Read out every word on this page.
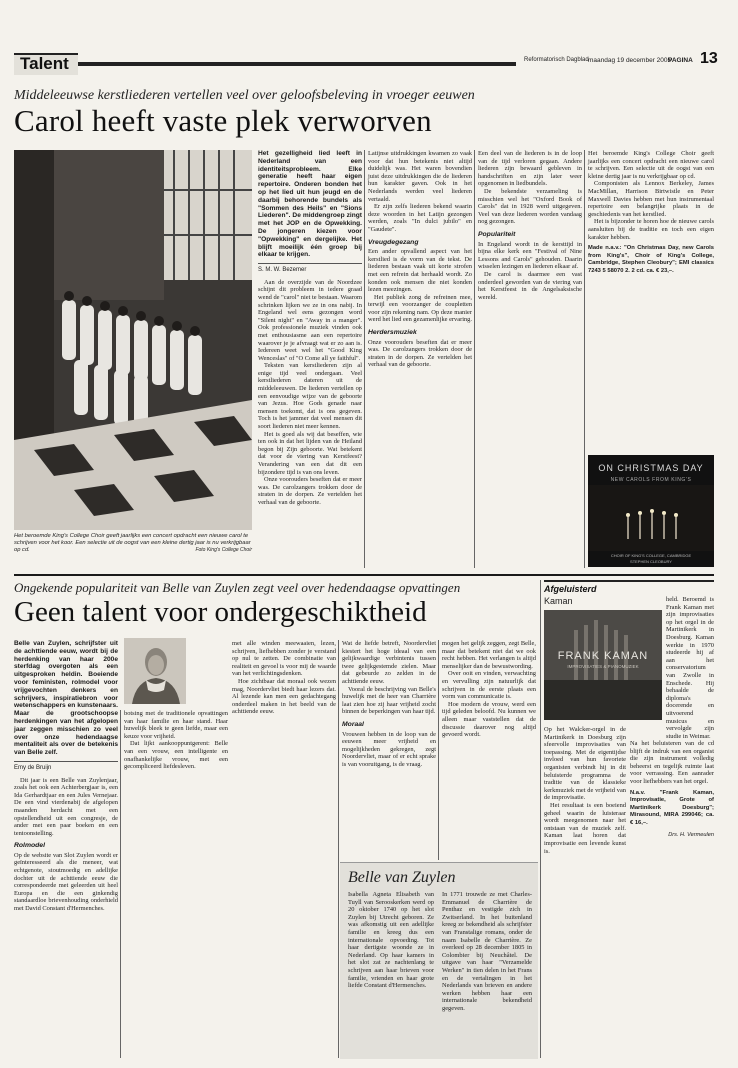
Talent	Reformatorisch Dagblad maandag 19 december 2005
PAGINA 13
Middeleeuwse kerstliederen vertellen veel over geloofsbeleving in vroeger eeuwen
Carol heeft vaste plek verworven
Het beroemde King's College Choir geeft jaarlijks een concert opdracht een nieuwe carol te schrijven voor het koor. Een selectie uit de oogst van een kleine dertig jaar is nu verkrijgbaar op cd.	Foto King's College Choir

Het gezelligheid lied leeft in Nederland van een identiteitsprobleem. Elke generatie heeft haar eigen repertoire. Onderen bonden het op het lied uit hun jeugd en de daarbij behorende bundels als "Sommen des Heils" en "Sions Liederen". De middengroep zingt met het JOP en de Opwekking. De jongeren kiezen voor "Opwekking" en dergelijke. Het blijft moeilijk één groep bij elkaar te krijgen.

S. M. W. Bezemer

Aan de overzijde van de Noordzee schijnt dit probleem in iedere graad wend de "carol" niet te bestaan. Waarom schrinken lijken we ze in ons nabij. In Engeland wel eens gezongen word "Silent night" en "Away in a manger". Ook professionele muziek vinden ook met enthousiasme aan een repertoire waarover je je afvraagt wat er zo aan is. Iedereen weet wel het "Good King Wenceslas" of "O Come all ye faithful".

Teksten van kerstliederen zijn al enige tijd veel ondergaan. Veel kerstliederen dateren uit de middeleeuwen. De liederen vertellen op een eenvoudige wijze van de geboorte van Jezus. Hoe Gods genade naar mensen toekomt, dat is ons gegeven. Toch is het jammer dat veel mensen dit soort liederen niet meer kennen.

Het is goed als wij dat beseffen, wie ten ook in dat het lijden van de Heiland begon bij Zijn geboorte. Wat betekent dat voor de viering van Kerstfeest? Verandering van een dat dit een bijzondere tijd is van ons leven.

Onze voorouders beseften dat er meer was. De carolzangers trokken door de straten in de dorpen. Ze vertelden het verhaal van de geboorte.

Latijnse uitdrukkingen kwamen zo vaak voor dat hun betekenis niet altijd duidelijk was. Het waren bovendien juist deze uitdrukkingen die de liederen hun karakter gaven. Ook in het Nederlands werden veel liederen vertaald.

Er zijn zelfs liederen bekend waarin deze woorden in het Latijn gezongen werden, zoals "In dulci jubilo" en "Gaudete".

Vreugdegezang

Een ander opvallend aspect van het kerstlied is de vorm van de tekst. De liederen bestaan vaak uit korte strofen met een refrein dat herhaald wordt. Zo konden ook mensen die niet konden lezen meezingen.

Het publiek zong de refreinen mee, terwijl een voorzanger de coupletten voor zijn rekening nam. Op deze manier werd het lied een gezamenlijke ervaring.

Herdersmuziek

Onze voorouders beseften dat er meer was. De carolzangers trokken door de straten in de dorpen. Ze vertelden het verhaal van de geboorte.

Een deel van de liederen is in de loop van de tijd verloren gegaan. Andere liederen zijn bewaard gebleven in handschriften en zijn later weer opgenomen in liedbundels.

De bekendste verzameling is misschien wel het "Oxford Book of Carols" dat in 1928 werd uitgegeven. Veel van deze liederen worden vandaag nog gezongen.

Populariteit

In Engeland wordt in de kersttijd in bijna elke kerk een "Festival of Nine Lessons and Carols" gehouden. Daarin wisselen lezingen en liederen elkaar af.

De carol is daarmee een vast onderdeel geworden van de viering van het Kerstfeest in de Angelsaksische wereld.

Het beroemde King's College Choir geeft jaarlijks een concert opdracht een nieuwe carol te schrijven. Een selectie uit de oogst van een kleine dertig jaar is nu verkrijgbaar op cd.

Componisten als Lennox Berkeley, James MacMillan, Harrison Birtwistle en Peter Maxwell Davies hebben met hun instrumentaal repertoire een belangrijke plaats in de geschiedenis van het kerstlied.

Het is bijzonder te horen hoe de nieuwe carols aansluiten bij de traditie en toch een eigen karakter hebben.

Made n.a.v.: "On Christmas Day, new Carols from King's", Choir of King's College, Cambridge, Stephen Cleobury"; EMI classics 7243 5 58070 2. 2 cd. ca. € 23,–.

ON CHRISTMAS DAY
NEW CAROLS FROM KING'S
CHOIR OF KING'S COLLEGE, CAMBRIDGE
STEPHEN CLEOBURY
Ongekende populariteit van Belle van Zuylen zegt veel over hedendaagse opvattingen
Geen talent voor ondergeschiktheid

Belle van Zuylen, schrijfster uit de achttiende eeuw, wordt bij de herdenking van haar 200e sterfdag overgoten als een uitgesproken heldin. Boeiende voor feministen, rolmodel voor vrijgevochten denkers en schrijvers, inspiratiebron voor wetenschappers en kunstenaars. Maar de grootschoopse herdenkingen van het afgelopen jaar zeggen misschien zo veel over onze hedendaagse mentaliteit als over de betekenis van Belle zelf.

Emy de Bruijn

Dit jaar is een Belle van Zuylenjaar, zoals het ook een Achterbergjaar is, een Ida Gerhardtjaar en een Jules Vernejaar. De een vind vierdenabij de afgelopen maanden herdacht met een opstellendheid uit een congresje, de ander met een paar boeken en een tentoonstelling.

Rolmodel

Op de website van Slot Zuylen wordt er geïnteresseerd als die meneer, wat echtgenote, stoutmoedig en adellijke dochter uit de achttiende eeuw die correspondeerde met geleerden uit heel Europa en die een ginkendig standaardloe brievenhouding onderhield met David Constant d'Hermenches.

botsing met de traditionele opvattingen van haar familie en haar stand. Haar huwelijk bleek te geen liefde, maar een keuze voor vrijheid.

Dat lijkt aankooppuntgerent: Belle van een vrouw, een intelligente en onafhankelijke vrouw, met een gecompliceerd liefdesleven.

met alle winden meewaaien, lezen, schrijven, liefhebben zonder je verstand op nul te zetten. De combinatie van realiteit en gevoel is voor mij de waarde van het verlichtingsdenken.

Hoe zichtbaar dat moraal ook wezen mag, Noordervliet biedt haar lezers dat. Al lezende kan men een gedachtegang onderdeel maken in het beeld van de achttiende eeuw.

Wat de liefde betreft, Noordervliet kiestert het hoge ideaal van een gelijkwaardige verbintenis tussen twee gelijkgestemde zielen. Maar dat gebeurde zo zelden in de achttiende eeuw.

Vooral de beschrijving van Belle's huwelijk met de heer van Charrière laat zien hoe zij haar vrijheid zocht binnen de beperkingen van haar tijd.

Moraal

Vrouwen hebben in de loop van de eeuwen meer vrijheid en mogelijkheden gekregen, zegt Noordervliet, maar of er echt sprake is van vooruitgang, is de vraag.

mogen het gelijk zeggen, zegt Belle, maar dat betekent niet dat we ook recht hebben. Het verlangen is altijd menselijker dan de bewustwording.

Over ooit en vinden, verwachting en vervulling zijn natuurlijk dat schrijven in de eerste plaats een vorm van communicatie is.

Hoe modern de vrouw, werd een tijd geleden beloofd. Nu kunnen we alleen maar vaststellen dat de discussie daarover nog altijd gevoerd wordt.

Belle van Zuylen

Isabella Agneta Elisabeth van Tuyll van Serooskerken werd op 20 oktober 1740 op het slot Zuylen bij Utrecht geboren. Ze was afkomstig uit een adellijke familie en kreeg dus een internationale opvoeding. Tot haar dertigste woonde ze in Nederland. Op haar kamers in het slot zat ze nachtenlang te schrijven aan haar brieven voor familie, vrienden en haar grote liefde Constant d'Hermenches.

In 1771 trouwde ze met Charles-Emmanuel de Charrière de Penthaz en vestigde zich in Zwitserland. In het buitenland kreeg ze bekendheid als schrijfster van Franstalige romans, onder de naam Isabelle de Charrière. Ze overleed op 28 december 1805 in Colombier bij Neuchâtel. De uitgave van haar "Verzamelde Werken" in tien delen in het Frans en de vertalingen in het Nederlands van brieven en andere werken hebben haar een internationale bekendheid gegeven.

Afgeluisterd
Kaman
FRANK KAMAN
IMPROVISATIES & PIANOMUZIEK

held. Beroemd is Frank Kaman met zijn improvisaties op het orgel in de Martinikerk in Doesburg. Kaman werkte in 1970 studeerde hij af aan het conservatorium van Zwolle in Enschede. Hij behaalde de diploma's docerende en uitvoerend musicus en vervolgde zijn studie in Weimar.

Op het Walcker-orgel in de Martinikerk in Doesburg zijn sfeervolle improvisaties van toepassing. Met de eigentijdse invloed van hun favoriete organisten verbindt hij in dit beluisterde programma de traditie van de klassieke kerkmuziek met de vrijheid van de improvisatie.

Het resultaat is een boeiend geheel waarin de luisteraar wordt meegenomen naar het ontstaan van de muziek zelf. Kaman laat horen dat improvisatie een levende kunst is.

Na het beluisteren van de cd blijft de indruk van een organist die zijn instrument volledig beheerst en tegelijk ruimte laat voor verrassing. Een aanrader voor liefhebbers van het orgel.

N.a.v. "Frank Kaman, Improvisatie, Grote of Martinikerk Doesburg"; Mirasound, MIRA 299046; ca. € 16,–.

Drs. H. Vermeulen
